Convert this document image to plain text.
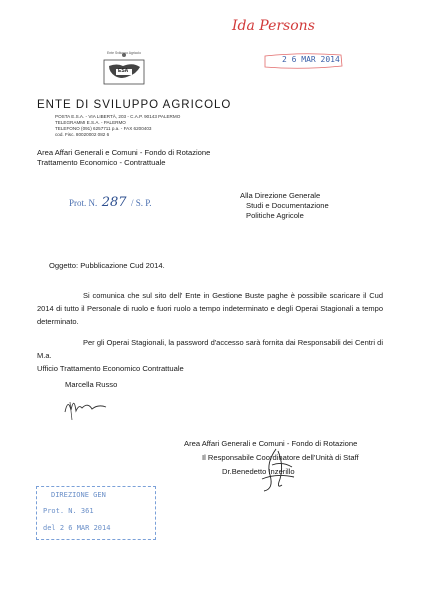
Ida Persons
2 6 MAR 2014
ESA
Ente Sviluppo Agricolo
ENTE DI SVILUPPO AGRICOLO
POSTA E.S.A. - VIA LIBERTÀ, 203 - C.A.P. 90143 PALERMO
TELEGRAMMI E.S.A. - PALERMO
TELEFONO (091) 6257711 p.a. - FAX 6200403
cod. Fisc. 80020002 082 6
Area Affari Generali e Comuni - Fondo di Rotazione
Trattamento Economico - Contrattuale
Prot. N. 287 / S. P.
Alla Direzione Generale
Studi e Documentazione
Politiche Agricole
Oggetto: Pubblicazione Cud 2014.
Si comunica che sul sito dell' Ente in Gestione Buste paghe è possibile scaricare il Cud 2014 di tutto il Personale di ruolo e fuori ruolo a tempo indeterminato e degli Operai Stagionali a tempo determinato.
Per gli Operai Stagionali, la password d'accesso sarà fornita dai Responsabili dei Centri di M.a.
Ufficio Trattamento Economico Contrattuale
Marcella Russo
Area Affari Generali e Comuni - Fondo di Rotazione
Il Responsabile Coordinatore dell'Unità di Staff
Dr.Benedetto Inzerillo
DIREZIONE GEN
Prot. N. 361
del 2 6 MAR 2014
